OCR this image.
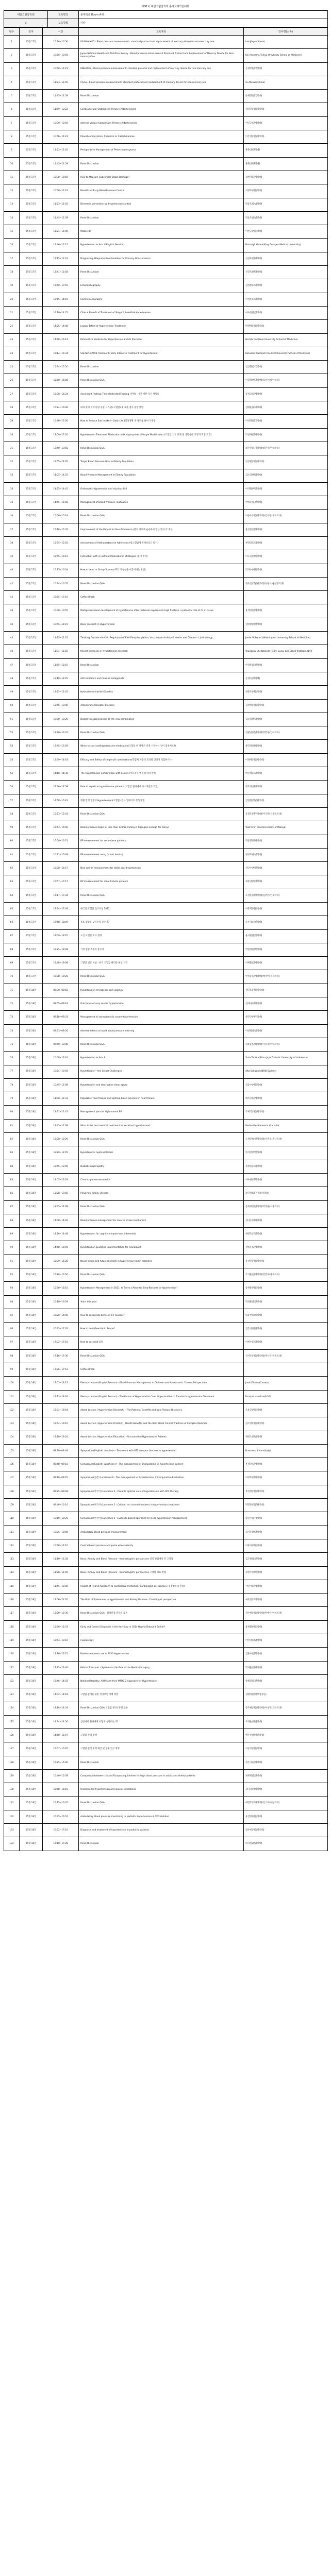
제91차 대한고혈압학회 춘계국제학술대회
대한고혈압학회	교육명칭	춘계학술 Room A-G
3	교육방법	기타
횟수	일자	시간	교육제목	강사명(소속)
1	05월 17일	10:30~10:56	US MAMMED - Blood pressure measurement: standard protocol and replacement of mercury device for non-mercury one	Lee Jihyun(Korea)
2	05월 17일	10:56~10:56	Japan National Health and Nutrition Survey - Blood pressure measurement Standard Protocol and Replacement of Mercury Device for Non-mercury One	Kei Asayama(Teikyo University School of Medicine)
3	05월 17일	10:56~11:23	KNHANES - Blood pressure measurement: standard protocol and replacement of mercury device for non-mercury one	손재민(단국의대)
4	05월 17일	11:23~11:45	China - Blood pressure measurement: standard protocol and replacement of mercury device for non-mercury one	Xu Weiwei(China)
5	05월 17일	11:45~11:59	Panel Discussion	손재민(단국의대)
6	05월 17일	11:59~12:22	Cardiovascular Outcome in Primary Aldosteronism	김영권(가톨릭의대)
7	05월 17일	10:30~10:56	Adrenal Venous Sampling in Primary Aldosteronism	이인규(연세의대)
8	05월 17일	10:56~11:23	Pheochromocytoma: Chemical or Catecholamine	이은정(가톨릭의대)
9	05월 17일	11:23~11:45	Perioperative Management of Pheochromocytoma	홍준(한양의대)
10	05월 17일	11:45~11:59	Panel Discussion	홍준(한양의대)
11	05월 17일	10:30~10:56	How to Measure Subclinical Organ Damage?	김현영(연세의대)
12	05월 17일	10:56~11:23	Benefits of Early Blood Pressure Control	서정호(서울의대)
13	05월 17일	11:23~11:45	Dementia prevention by hypertension control	박동호(충남의대)
14	05월 17일	11:45~11:59	Panel Discussion	박동호(충남의대)
15	05월 17일	11:21~11:46	Mobile BP	이현규(서울의대)
16	05월 17일	11:46~12:15	Hypertension in Asia I [English Session]	Narsingh Verma(King Georges Medical University)
17	05월 17일	12:15~12:41	Diagnosing &Reproducible Guideline for Primary Aldosteronism	신진호(한양의대)
18	05월 17일	12:41~12:58	Panel Discussion	신진호(한양의대)
19	05월 17일	13:40~13:55	Echocardiography	김성현(고려의대)
20	05월 17일	13:55~14:10	Carotid sonography	이성훈(고려의대)
21	05월 17일	14:10~14:25	Clinical Benefit of Treatment of Stage 1, Low-Risk Hypertension	이수진(울산의대)
22	05월 17일	14:25~14:48	Legacy Effect of Hypertension Treatment	박정배(가톨릭의대)
23	05월 17일	14:48~15:14	Personalize Medicine for Hypertension and its Precision	Hiroshi Itoh(Keio University School of Medicine)
24	05월 17일	15:14~15:34	SGLT2i/LCZ696 Treatment: Early Intensive Treatment for Hypertension	Kazuomi Kario(Jichi Medical University School of Medicine)
25	05월 17일	15:34~15:50	Panel Discussion	김창환(동국의대)
26	05월 17일	15:50~16:08	Panel Discussion Q&A	이형래(한양의대)/김성원(대한의대)
27	05월 17일	16:08~16:24	Ascendant Fasting: Time-Restricted Feeding (전략) - 시간 제한 식사 방법들	송정규(연세의대)
28	05월 17일	16:24~16:46	내과 영역 의 비정상 공통 시스템 (고혈압) 및 표준 검사 통합 방법	김태훈(중앙의대)
29	05월 17일	16:46~17:00	How to Reduce Salt Intake in Daily Life (일상생활 속 나트륨 줄이기 방법)	이선영(단국의대)
30	05월 17일	17:00~17:20	Hypertension Treatment Medication with Appropriate Lifestyle Modification (고혈압 치료 약제 및 생활습관 교정의 적절 조합)	박성하(연세의대)
31	05월 17일	13:40~13:55	Panel Discussion Q&A	최수민(을지의대)/최민경(한림의대)
32	05월 17일	13:55~14:05	Target Blood Pressure Goal in Elderly Population	임상현(가톨릭의대)
33	05월 17일	14:05~14:25	Blood Pressure Management in Elderly Population	김소연(한림의대)
34	05월 17일	14:25~14:45	Orthostatic Hypotension and Injurious Fall	이석원(부산의대)
35	05월 17일	14:45~15:00	Management of Blood Pressure Fluctuation	한병준(울산의대)
36	05월 17일	15:00~15:18	Panel Discussion Q&A	이승우(가톨릭의대)/김지원(경희의대)
37	05월 17일	15:18~15:35	Improvement of the Patient for Non-Adherence (환자 치료에 순응하지 않는 환자 의 개선)	홍성진(연세의대)
38	05월 17일	15:35~15:55	Assessment of Antihypertensive Adherence (항고혈압제 복약순응도 평가)	권정연(고려의대)
39	05월 17일	15:55~16:15	Instruction with or without Motivational Strategies (동기 부여)	이도진(경북의대)
40	05월 17일	16:15~16:34	How to Lead to Group Success/복약 지속성을 이끌어내는 방법)	박지수(서울의대)
41	05월 17일	16:34~16:55	Panel Discussion Q&A	정우진(성균관의대)/유현석(순천향의대)
42	05월 17일	16:55~17:10	Coffee Break	-
43	05월 17일	10:30~10:55	Multigenerational development of hypertensive after maternal exposure to high fructose: a potential role of F1 in tissue	홍성민(연세의대)
44	05월 17일	10:55~11:15	Basic research in Hypertension	김병철(경상의대)
45	05월 17일	11:15~11:31	Thinking Outside the Cell: Regulation of ENA Phosphorylation, Vasculature Activity & Health and Disease - Lipid biology	Javier Robador (Washington University School of Medicine)
46	05월 17일	11:31~11:55	Recent advances in hypertension research	Youngsuk Oh(National Heart, Lung, and Blood Institute, NIH)
47	05월 17일	11:55~12:10	Panel Discussion	한상훈(울산의대)
48	05월 17일	12:10~12:25	ACE Inhibitors and Calcium Antagonists	문경(연세의대)
49	05월 17일	12:25~12:45	Hydrochlorothiazide Diuretics	최준호(서울의대)
50	05월 17일	12:45~13:00	Aldosterone Receptor Blockers	김재성(가톨릭의대)
51	05월 17일	13:00~13:20	Doctor's responsiveness of the new combination	김소라(한양의대)
52	05월 17일	13:20~13:45	Panel Discussion Q&A	김광남(전남의대)/강민정(인하의대)
53	05월 17일	13:45~13:59	When to start antihypertensive medication(고혈압 약 처방은 언제 시작하는 것이 좋을까요?)	윤민경(경희의대)
54	05월 17일	13:59~14:18	Efficacy and Safety of single-pill combinations(복합제 사용의 효과와 안전성 적합한가?)	이정애(가톨릭의대)
55	05월 17일	14:18~14:36	The Hypertension Combination with aspirin (아스피린 병용 환자의 관리)	박진석(고려의대)
56	05월 17일	14:36~14:58	Role of aspirin in hypertensive patients (고혈압 환자에서 아스피린의 역할)	정호성(한양의대)
57	05월 17일	14:58~15:23	병원 만성 질환의 Hypertension(고혈압) 검사 업데이트 정리 방법	김형철(성균관의대)
58	05월 17일	15:23~15:43	Panel Discussion Q&A	유정호(아주의대)/이지원(가톨릭의대)
59	05월 17일	15:43~16:00	Blood pressure target of less than 130/80 mmHg in high goal enough for many?	Yook Chin Chia(University of Malaya)
60	05월 17일	16:00~16:21	BP measurement for very obese patients	박승민(경희의대)
61	05월 17일	16:21~16:38	BP measurement using (smart device)	정성호(충남의대)
62	05월 17일	16:38~16:57	New way of measurement for white coat hypertension	신인수(부산의대)
63	05월 17일	16:57~17:17	BP measurement for renal fistulas patients	최준영(계명의대)
64	05월 17일	17:17~17:34	Panel Discussion Q&A	오상훈(경상의대)/김영민(인제의대)
65	05월 17일	17:34~17:48	한국인 고혈압 진료지침 2022	이준혁(서울의대)
66	05월 17일	17:48~18:09	목표 혈압은 낮을수록 좋은가?	조은영(고신의대)
67	05월 17일	18:09~18:25	노인 고혈압 치료 전략	윤지현(울산의대)
68	05월 17일	18:25~18:48	가정 혈압 측정의 중요성	박현경(전북의대)
69	05월 17일	18:48~19:08	고혈압 진료 지침 - 한국 고혈압 관리와 최신 지견	이재훈(연세의대)
70	05월 17일	19:08~19:25	Panel Discussion Q&A	한성준(연세의대)/박경아(을지의대)
71	05월 18일	08:30~08:55	Hypertension emergency and urgency	정민호(가톨릭의대)
72	05월 18일	08:55~09:18	Outcomes of very severe hypertension	김하나(경희의대)
73	05월 18일	09:18~09:33	Management of asymptomatic severe hypertension	송민규(아주의대)
74	05월 18일	09:33~09:50	Adverse effects of rapid blood pressure lowering	이상철(충남의대)
75	05월 18일	09:50~10:08	Panel Discussion Q&A	김종윤(인하의대)/서유리(한림의대)
76	05월 18일	10:08~10:24	Hypertension in Asia II	Yuda Turana(Atma Jaya Catholic University of Indonesia)
77	05월 18일	10:24~10:45	Hypertension - the Global Challenges	Alta Schutte(UNSW Sydney)
78	05월 18일	10:45~11:08	Hypertension and obstructive sleep apnea	김동수(서울의대)
79	05월 18일	11:08~11:31	Population heart failure and optimal blood pressure in heart failure	배소연(연세의대)
80	05월 18일	11:31~11:45	Management plan for high normal BP	조재석(가톨릭의대)
81	05월 18일	11:45~12:08	What is the best medical treatment for resistant hypertension?	Stefan Pierdomenico (Canada)
82	05월 18일	12:08~12:29	Panel Discussion Q&A	노정연(순천향의대)/서준혁(울산의대)
83	05월 18일	12:29~12:45	Hypertensive nephrosclerosis	한지민(부산의대)
84	05월 18일	12:45~13:05	Diabetic nephropathy	유태민(고려의대)
85	05월 18일	13:05~13:28	Chronic glomerulonephritis	이수현(경북의대)
86	05월 18일	13:28~13:45	Polycystic kidney disease	조민석(대구가톨릭의대)
87	05월 18일	13:45~14:08	Panel Discussion Q&A	문세영(전남의대)/박정훈(서울의대)
88	05월 18일	14:08~14:26	Blood pressure management for diverse stroke mechanism	김다은(경희의대)
89	05월 18일	14:26~14:48	Hypertension for cognitive impairment / dementia	최영호(고신의대)
90	05월 18일	14:48~15:09	Hypertension guideline implementation for neurologist	정하은(연세의대)
91	05월 18일	15:09~15:28	Novel issues and future research in hypertensive brain disorders	윤상민(가톨릭의대)
92	05월 18일	15:28~15:50	Panel Discussion Q&A	오지훈(인제의대)/강민수(충북의대)
93	05월 18일	15:50~16:10	Hypertension Management in 2021: Is There a Place for Beta-Blockers in Hypertension?	송재훈(서울의대)
94	05월 18일	16:10~16:29	Years this year	박성훈(울산의대)
95	05월 18일	16:29~16:45	How to cooperate between CV courses?	임동현(경북의대)
96	05월 18일	16:45~17:02	How to be influential in Scope?	김은비(한림의대)
97	05월 18일	17:02~17:16	How to succeed CV?	이현수(고려의대)
98	05월 18일	17:16~17:36	Panel Discussion Q&A	신지호(가톨릭의대)/박서진(연세의대)
99	05월 18일	17:36~17:53	Coffee Break	-
100	05월 18일	17:53~18:13	Plenary Lecture (English Session) - Blood Pressure Management in Children and Adolescents: Current Perspectives	Janis Dionne(Canada)
101	05월 18일	18:13~18:34	Plenary Lecture (English Session) - The Future of Hypertension Care: Opportunities to Transform Hypertension Treatment	Enrique Hamilton(USA)
102	05월 18일	18:34~18:54	Award Lecture (Hypertension Research) - The Potential Benefits and New Product Discovery	조윤진(서울의대)
103	05월 18일	18:54~19:10	Award Lecture (Hypertension Practice) - Health Benefits and the Real World Clinical Practices of Complex Medicine	김소영(가톨릭의대)
104	05월 18일	19:10~19:24	Award Lecture (Hypertension Education) - Uncontrolled Hypertensive Patients	정태오(영남의대)
105	05월 18일	08:30~08:48	Symposium(English) Luncheon - Treatment with AT1 receptor blockers in hypertension	Francesca Cicero(Italy)
106	05월 18일	08:48~09:10	Symposium(English) Luncheon II - The management of Dyslipidemia in hypertensive patient	홍석민(연세의대)
107	05월 18일	09:10~09:25	Symposium(영문) Luncheon III - The management of hypertension: A Comparative Evaluation	이강호(경희의대)
108	05월 18일	09:25~09:48	Symposium(한국어) Luncheon 4 - Towards optimal care of hypertension with SPC therapy	유한결(가톨릭의대)
109	05월 18일	09:48~10:10	Symposium(한국어) Luncheon 5 - Calcium ion channel blockers in hypertension treatment	박민준(성균관의대)
110	05월 18일	10:10~10:25	Symposium(한국어) Luncheon 6 - Evidence-based approach for clear hypertension management	황진우(동아의대)
111	05월 18일	10:25~10:48	Ambulatory blood pressure measurement	김지은(한양의대)
112	05월 18일	10:48~11:10	Central blood pressure and pulse wave velocity	이준서(서울의대)
113	05월 18일	11:10~11:28	Basic, Kidney and Blood Pressure - Nephrologist's perspective 신장 관점에서 본 고혈압	김도현(울산의대)
114	05월 18일	11:28~11:45	Basic, Kidney and Blood Pressure - Nephrologist's perspective 고혈압 치료 방법	장현우(경북의대)
115	05월 18일	11:45~12:06	Impact of Hybrid Approach to Cardiorenal Protection: Cardiologist perspective (심장전문의 관점)	서민아(연세의대)
116	05월 18일	12:06~12:20	The Role of Eplerenone in Hypertension and Kidney Disease - Cardiologist perspective	최우진(고려의대)
117	05월 18일	12:20~12:36	Panel Discussion Q&A - 심장신장 전문의 토론	정수현(가톨릭의대)/한예린(인하의대)
118	05월 18일	12:36~12:53	Early and Correct Diagnosis is the Key Step in CKD, How to Detect It Earlier?	윤재원(서울의대)
119	05월 18일	12:53~13:10	Fluoroscopy	이민영(영남의대)
120	05월 18일	13:10~13:25	Patient-centered care in 2030 Hypertension	김준수(전북의대)
121	05월 18일	13:25~13:46	Retinal Transport - Systems in the Role of the Medical Imaging	박지훈(연세의대)
122	05월 18일	13:46~14:02	National Registry, AIHM and their MFHC 2 Approach for Hypertension	송혜진(울산의대)
123	05월 18일	14:02~14:18	고혈압 관리를 위한 건강보험 정책 방향	김태영(건강보험공단)
124	05월 18일	14:18~14:34	Panel Discussion Q&A(고혈압 관리) 정책 토론	문주현(가톨릭의대)/이성민(고려의대)
125	05월 18일	14:34~14:50	임상에서 환자에게 어떻게 설명하는가?	조하늘(한림의대)
126	05월 18일	14:50~15:07	고혈압 관리 정책	배수진(질병관리청)
127	05월 18일	15:07~15:25	고혈압 관리 정책 제안 및 향후 연구 방향	이동건(서울의대)
128	05월 18일	15:25~15:40	Panel Discussion	정은지(연세의대)
129	05월 18일	15:40~15:58	Comparison between US and European guidelines for high blood pressure in adults and elderly patients	최재혁(울산의대)
130	05월 18일	15:58~16:15	Uncontrolled hypertension and special indications	김나영(경희의대)
131	05월 18일	16:15~16:35	Panel Discussion Q&A	허민호(고려의대)/안소희(한양의대)
132	05월 18일	16:35~16:52	Ambulatory blood pressure monitoring in pediatric hypertension & CKD children	유진영(서울의대)
133	05월 18일	16:52~17:10	Diagnosis and treatment of hypertension in pediatric patients	장수빈(가톨릭의대)
134	05월 18일	17:10~17:28	Panel Discussion	하지원(전남의대)
